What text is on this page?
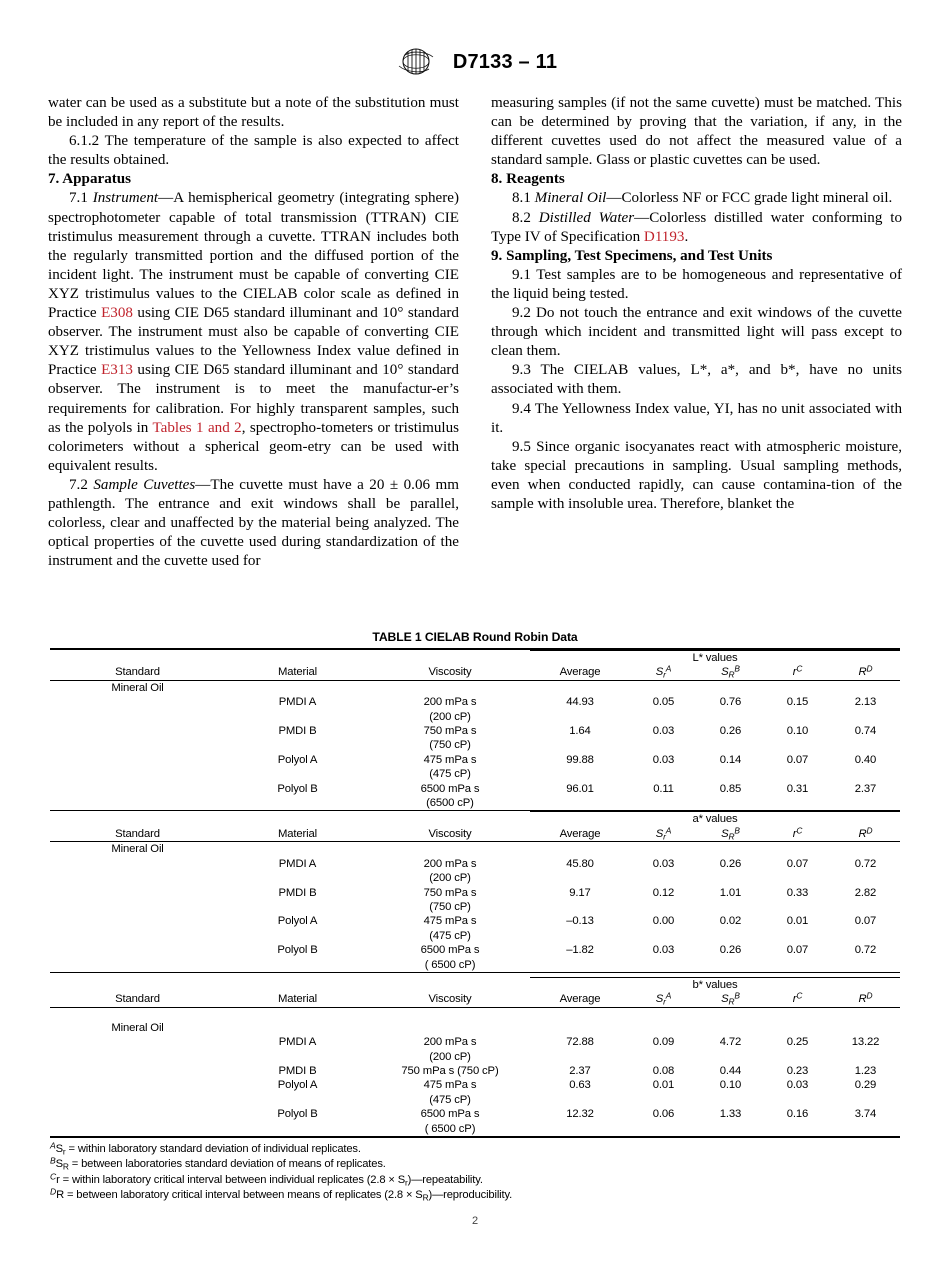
D7133 – 11

water can be used as a substitute but a note of the substitution must be included in any report of the results.

6.1.2 The temperature of the sample is also expected to affect the results obtained.

7. Apparatus

7.1 Instrument—A hemispherical geometry (integrating sphere) spectrophotometer capable of total transmission (TTRAN) CIE tristimulus measurement through a cuvette. TTRAN includes both the regularly transmitted portion and the diffused portion of the incident light. The instrument must be capable of converting CIE XYZ tristimulus values to the CIELAB color scale as defined in Practice E308 using CIE D65 standard illuminant and 10° standard observer. The instrument must also be capable of converting CIE XYZ tristimulus values to the Yellowness Index value defined in Practice E313 using CIE D65 standard illuminant and 10° standard observer. The instrument is to meet the manufactur-er’s requirements for calibration. For highly transparent samples, such as the polyols in Tables 1 and 2, spectropho-tometers or tristimulus colorimeters without a spherical geom-etry can be used with equivalent results.

7.2 Sample Cuvettes—The cuvette must have a 20 ± 0.06 mm pathlength. The entrance and exit windows shall be parallel, colorless, clear and unaffected by the material being analyzed. The optical properties of the cuvette used during standardization of the instrument and the cuvette used for

measuring samples (if not the same cuvette) must be matched. This can be determined by proving that the variation, if any, in the different cuvettes used do not affect the measured value of a standard sample. Glass or plastic cuvettes can be used.

8. Reagents

8.1 Mineral Oil—Colorless NF or FCC grade light mineral oil.

8.2 Distilled Water—Colorless distilled water conforming to Type IV of Specification D1193.

9. Sampling, Test Specimens, and Test Units

9.1 Test samples are to be homogeneous and representative of the liquid being tested.

9.2 Do not touch the entrance and exit windows of the cuvette through which incident and transmitted light will pass except to clean them.

9.3 The CIELAB values, L*, a*, and b*, have no units associated with them.

9.4 The Yellowness Index value, YI, has no unit associated with it.

9.5 Since organic isocyanates react with atmospheric moisture, take special precautions in sampling. Usual sampling methods, even when conducted rapidly, can cause contamina-tion of the sample with insoluble urea. Therefore, blanket the

TABLE 1 CIELAB Round Robin Data

			L* values				
Standard	Material	Viscosity	Average	$S_r^A$	$S_R^B$	$r^C$	$R^D$

Mineral Oil							
	PMDI A	200 mPa s
(200 cP)	44.93	0.05	0.76	0.15	2.13
	PMDI B	750 mPa s
(750 cP)	1.64	0.03	0.26	0.10	0.74
	Polyol A	475 mPa s
(475 cP)	99.88	0.03	0.14	0.07	0.40
	Polyol B	6500 mPa s
(6500 cP)	96.01	0.11	0.85	0.31	2.37

			a* values				
Standard	Material	Viscosity	Average	$S_r^A$	$S_R^B$	$r^C$	$R^D$

Mineral Oil							
	PMDI A	200 mPa s
(200 cP)	45.80	0.03	0.26	0.07	0.72
	PMDI B	750 mPa s
(750 cP)	9.17	0.12	1.01	0.33	2.82
	Polyol A	475 mPa s
(475 cP)	–0.13	0.00	0.02	0.01	0.07
	Polyol B	6500 mPa s
( 6500 cP)	–1.82	0.03	0.26	0.07	0.72

			b* values				
Standard	Material	Viscosity	Average	$S_r^A$	$S_R^B$	$r^C$	$R^D$

Mineral Oil							
	PMDI A	200 mPa s
(200 cP)	72.88	0.09	4.72	0.25	13.22
	PMDI B	750 mPa s (750 cP)	2.37	0.08	0.44	0.23	1.23
	Polyol A	475 mPa s
(475 cP)	0.63	0.01	0.10	0.03	0.29
	Polyol B	6500 mPa s
( 6500 cP)	12.32	0.06	1.33	0.16	3.74

$^AS_r$ = within laboratory standard deviation of individual replicates.
$^BS_R$ = between laboratories standard deviation of means of replicates.
$^C$r = within laboratory critical interval between individual replicates $(2.8 \times S_r)—repeatability$.
$^D$R = between laboratory critical interval between means of replicates $(2.8 \times S_R)—reproducibility$.
2
